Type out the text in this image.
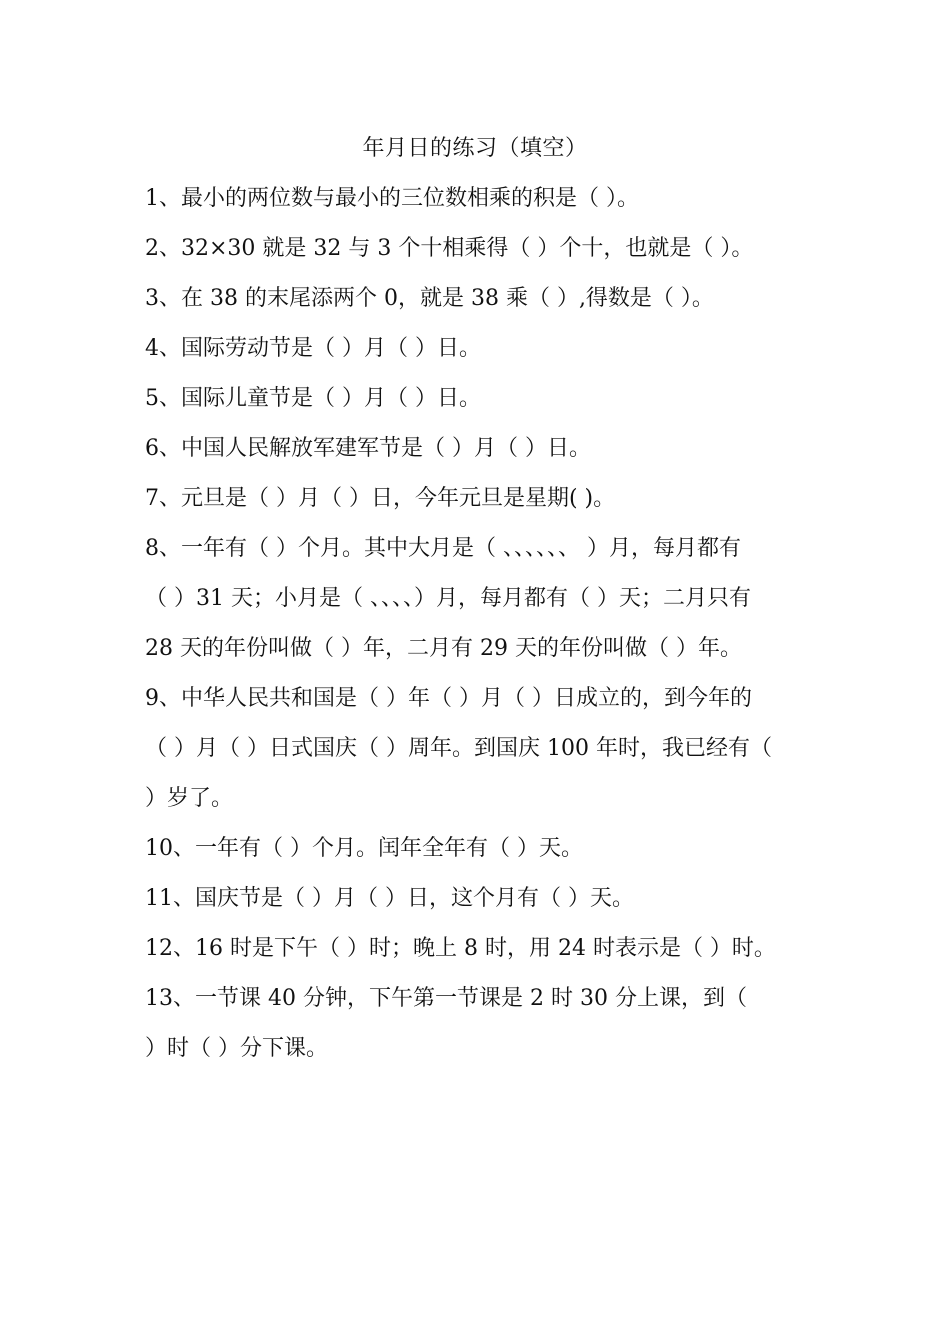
年月日的练习（填空）
1、最小的两位数与最小的三位数相乘的积是（ ）。
2、32×30 就是 32 与 3 个十相乘得（ ）个十，也就是（ ）。
3、在 38 的末尾添两个 0，就是 38 乘（ ）,得数是（ ）。
4、国际劳动节是（ ）月（ ）日。
5、国际儿童节是（ ）月（ ）日。
6、中国人民解放军建军节是（ ）月（ ）日。
7、元旦是（ ）月（ ）日，今年元旦是星期( )。
8、一年有（ ）个月。其中大月是（ 、、、、、、 ）月，每月都有
（ ）31 天；小月是（ 、、、、）月，每月都有（ ）天；二月只有
28 天的年份叫做（ ）年，二月有 29 天的年份叫做（ ）年。
9、中华人民共和国是（ ）年（ ）月（ ）日成立的，到今年的
（ ）月（ ）日式国庆（ ）周年。到国庆 100 年时，我已经有（
）岁了。
10、一年有（ ）个月。闰年全年有（ ）天。
11、国庆节是（ ）月（ ）日，这个月有（ ）天。
12、16 时是下午（ ）时；晚上 8 时，用 24 时表示是（ ）时。
13、一节课 40 分钟，下午第一节课是 2 时 30 分上课，到（
）时（ ）分下课。
